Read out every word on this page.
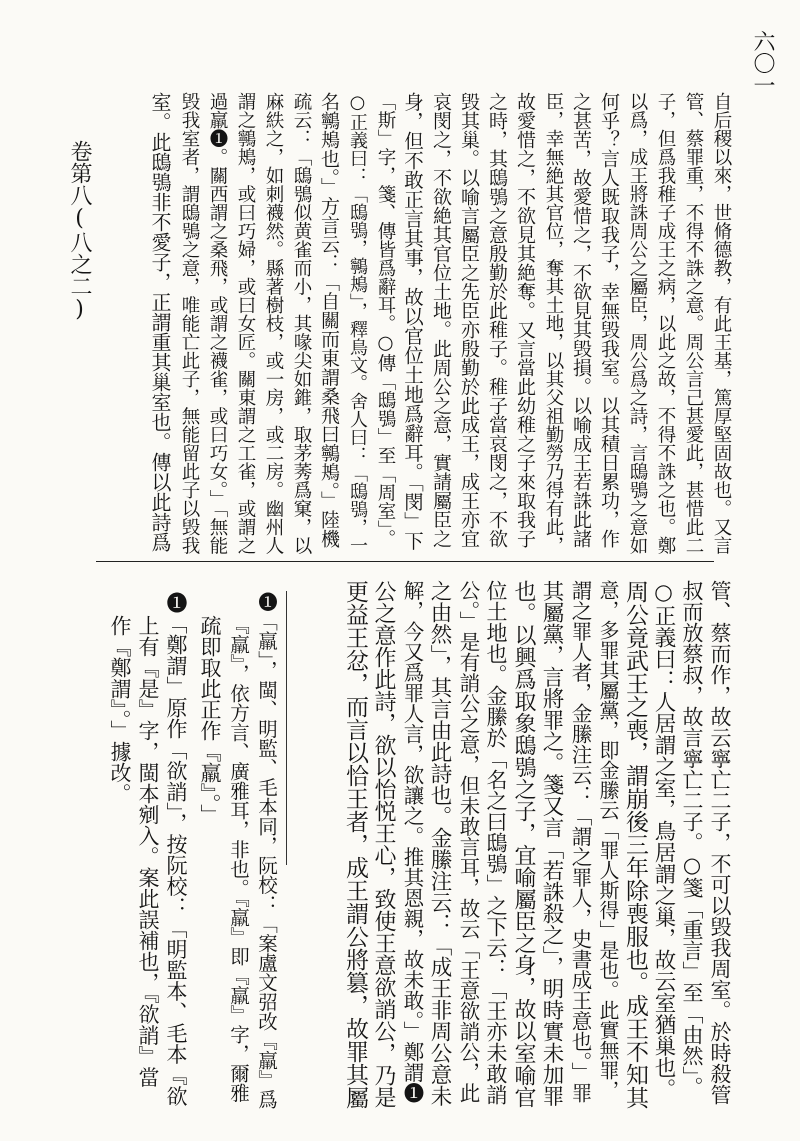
六〇一
自后稷以來，世脩德教，有此王基，篤厚堅固故也。又言
管、蔡罪重，不得不誅之意。周公言己甚愛此，甚惜此二
子，但爲我稚子成王之病，以此之故，不得不誅之也。鄭
以爲，成王將誅周公之屬臣，周公爲之詩，言鴟鴞之意如
何乎？言人既取我子，幸無毁我室。以其積日累功，作
之甚苦，故愛惜之，不欲見其毁損。以喻成王若誅此諸
臣，幸無絶其官位，奪其土地，以其父祖勤勞乃得有此，
故愛惜之，不欲見其絶奪。又言當此幼稚之子來取我子
之時，其鴟鴞之意殷勤於此稚子。稚子當哀閔之，不欲
毁其巢。以喻言屬臣之先臣亦殷勤於此成王，成王亦宜
哀閔之，不欲絶其官位土地。此周公之意，實請屬臣之
身，但不敢正言其事，故以官位土地爲辭耳。「閔」下
「斯」字，箋、傳皆爲辭耳。○傳「鴟鴞」至「周室」。
○正義曰：「鴟鴞，鸋鴂」，釋鳥文。舍人曰：「鴟鴞，一
名鸋鴂也。」方言云：「自關而東謂桑飛曰鸋鴂。」陸機
疏云：「鴟鴞似黄雀而小，其喙尖如錐，取茅莠爲窠，以
麻紩之，如刺襪然。縣著樹枝，或一房，或二房。幽州人
謂之鸋鴂，或曰巧婦，或曰女匠。關東謂之工雀，或謂之
過羸❶。關西謂之桑飛，或謂之襪雀，或曰巧女。」「無能
毁我室者，謂鴟鴞之意，唯能亡此子，無能留此子以毁我
室。此鴟鴞非不愛子，正謂重其巢室也。傳以此詩爲
卷第八(八之二)
管、蔡而作，故云寧亡二子，不可以毁我周室。於時殺管
叔而放蔡叔，故言寧亡二子。○箋「重言」至「由然」。
○正義曰：人居謂之室，鳥居謂之巢，故云室猶巢也。
周公竟武王之喪，謂崩後三年除喪服也。成王不知其
意，多罪其屬黨，即金縢云「罪人斯得」是也。此實無罪，
謂之罪人者，金縢注云：「謂之罪人，史書成王意也。」罪
其屬黨，言將罪之。箋又言「若誅殺之」，明時實未加罪
也。以興爲取象鴟鴞之子，宜喻屬臣之身，故以室喻官
位土地也。金縢於「名之曰鴟鴞」之下云：「王亦未敢誚
公。」是有誚公之意，但未敢言耳，故云「王意欲誚公，此
之由然」，其言由此詩也。金縢注云：「成王非周公意未
解，今又爲罪人言，欲讓之。推其恩親，故未敢。」鄭謂❶
公之意作此詩，欲以怡悦王心，致使王意欲誚公，乃是
更益王忿，而言以恰王者，成王謂公將篡，故罪其屬
❶「羸」，閩、明監、毛本同，阮校：「案盧文弨改『羸』爲
『羸』，依方言、廣雅耳，非也。『羸』即『羸』字，爾雅
疏即取此正作『羸』。」
❶「鄭謂」原作「欲誚」，按阮校：「明監本、毛本『欲
上有『是』字，閩本剜入。案此誤補也，『欲誚』當
作『鄭謂』。」據改。
